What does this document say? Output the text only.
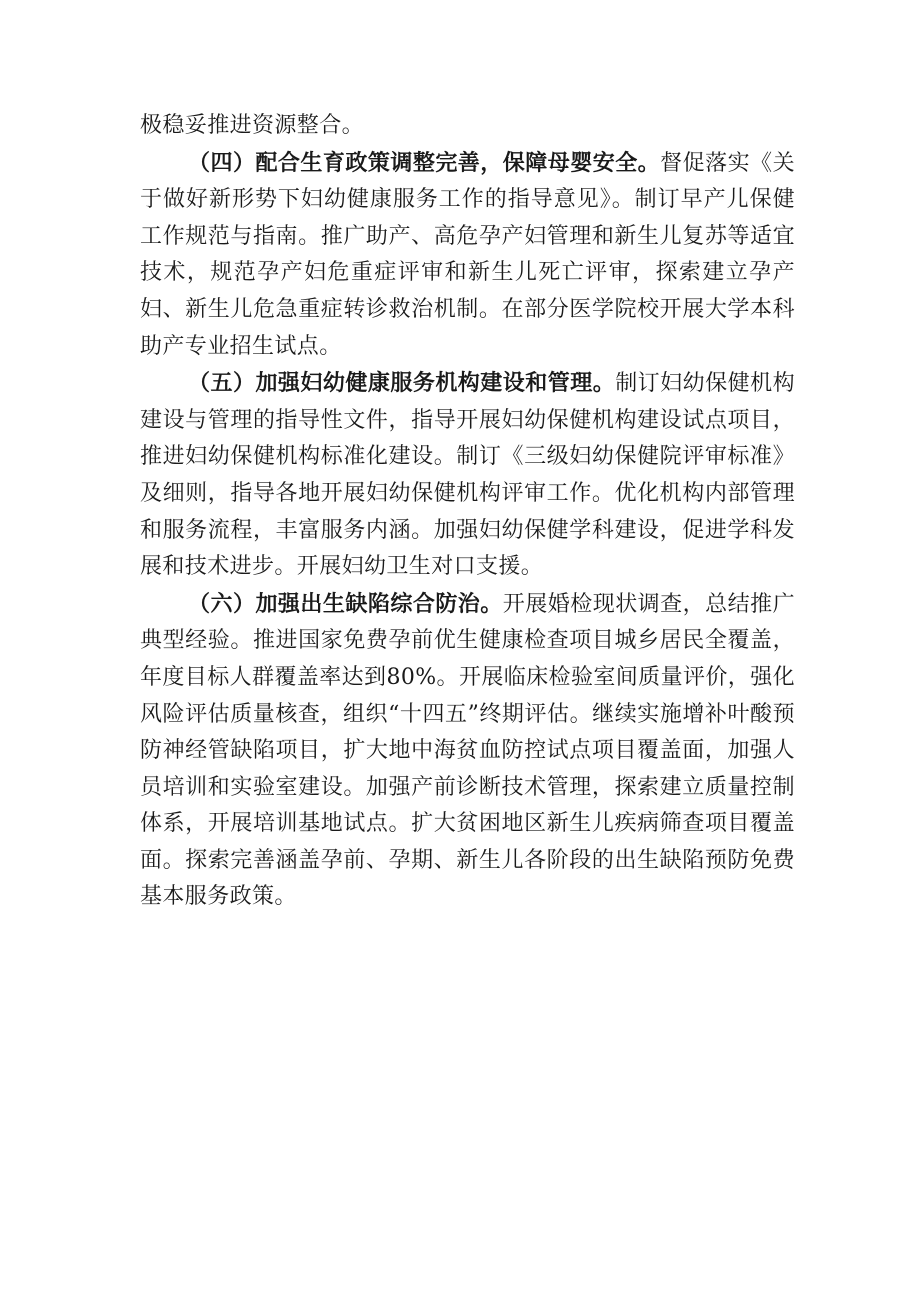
极稳妥推进资源整合。

（四）配合生育政策调整完善，保障母婴安全。督促落实《关于做好新形势下妇幼健康服务工作的指导意见》。制订早产儿保健工作规范与指南。推广助产、高危孕产妇管理和新生儿复苏等适宜技术，规范孕产妇危重症评审和新生儿死亡评审，探索建立孕产妇、新生儿危急重症转诊救治机制。在部分医学院校开展大学本科助产专业招生试点。

（五）加强妇幼健康服务机构建设和管理。制订妇幼保健机构建设与管理的指导性文件，指导开展妇幼保健机构建设试点项目，推进妇幼保健机构标准化建设。制订《三级妇幼保健院评审标准》及细则，指导各地开展妇幼保健机构评审工作。优化机构内部管理和服务流程，丰富服务内涵。加强妇幼保健学科建设，促进学科发展和技术进步。开展妇幼卫生对口支援。

（六）加强出生缺陷综合防治。开展婚检现状调查，总结推广典型经验。推进国家免费孕前优生健康检查项目城乡居民全覆盖，年度目标人群覆盖率达到80%。开展临床检验室间质量评价，强化风险评估质量核查，组织“十四五”终期评估。继续实施增补叶酸预防神经管缺陷项目，扩大地中海贫血防控试点项目覆盖面，加强人员培训和实验室建设。加强产前诊断技术管理，探索建立质量控制体系，开展培训基地试点。扩大贫困地区新生儿疾病筛查项目覆盖面。探索完善涵盖孕前、孕期、新生儿各阶段的出生缺陷预防免费基本服务政策。
